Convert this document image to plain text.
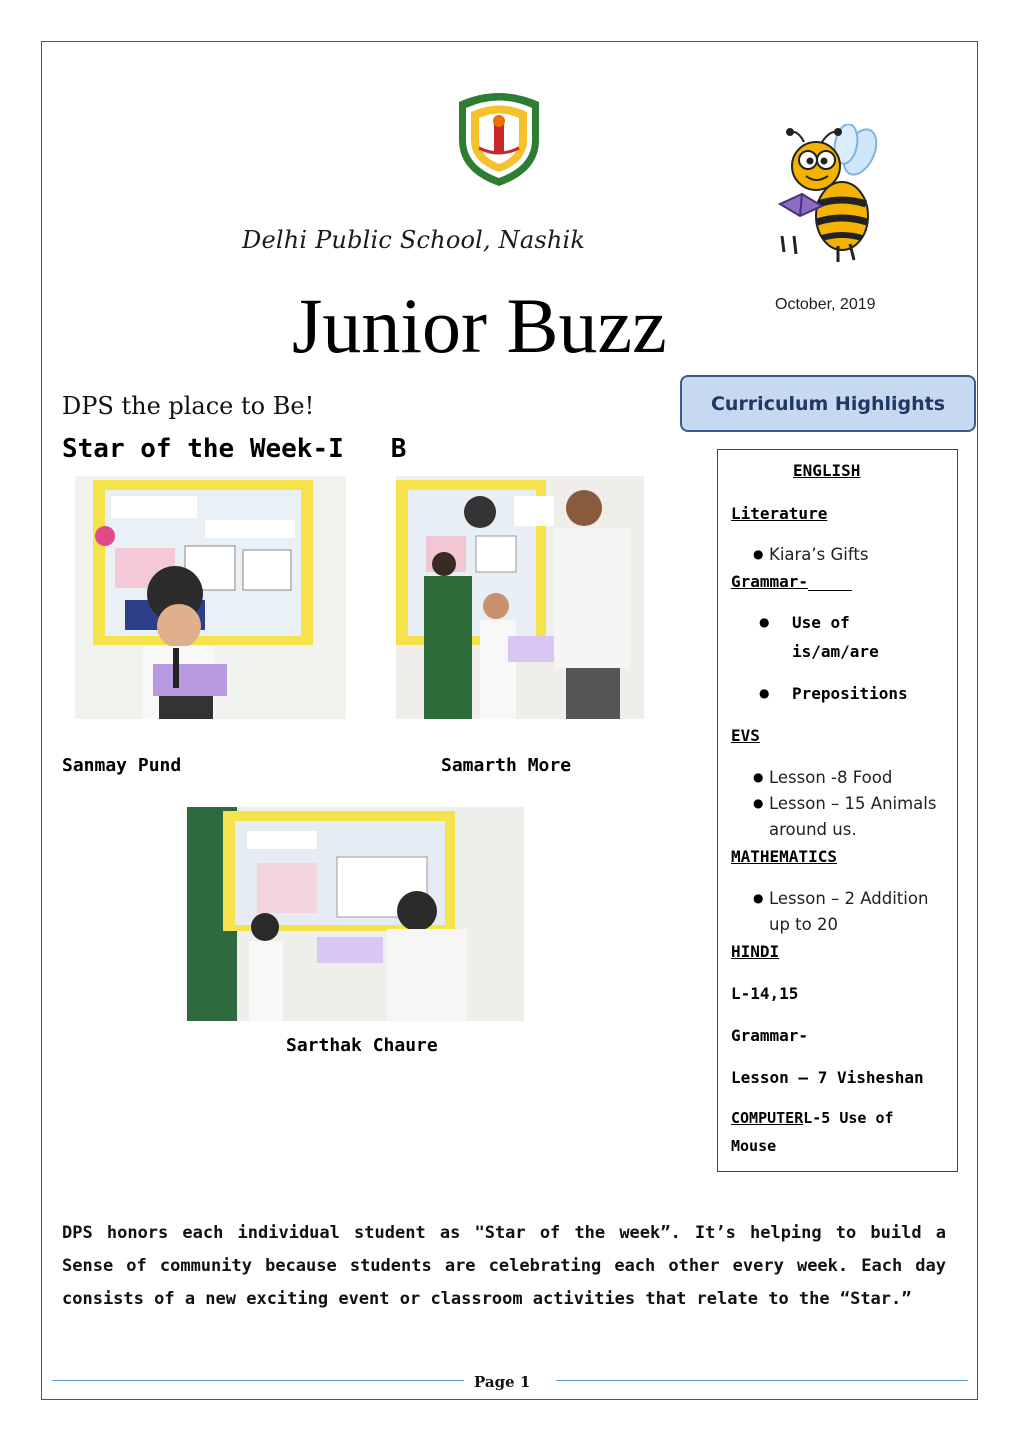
Delhi Public School, Nashik
Junior Buzz	October, 2019
Curriculum Highlights
DPS the place to Be!
Star of the Week-I   B
Sanmay Pund	Samarth More
Sarthak Chaure
ENGLISH
Literature
● Kiara’s Gifts
Grammar-
● Use of
is/am/are
● Prepositions
EVS
● Lesson -8 Food
● Lesson – 15 Animals
around us.
MATHEMATICS
● Lesson – 2 Addition
up to 20
HINDI
L-14,15
Grammar-
Lesson – 7 Visheshan
COMPUTERL-5 Use of
Mouse
DPS honors each individual student as "Star of the week”. It’s helping to build a Sense of community because students are celebrating each other every week. Each day consists of a new exciting event or classroom activities that relate to the “Star.”
Page 1
